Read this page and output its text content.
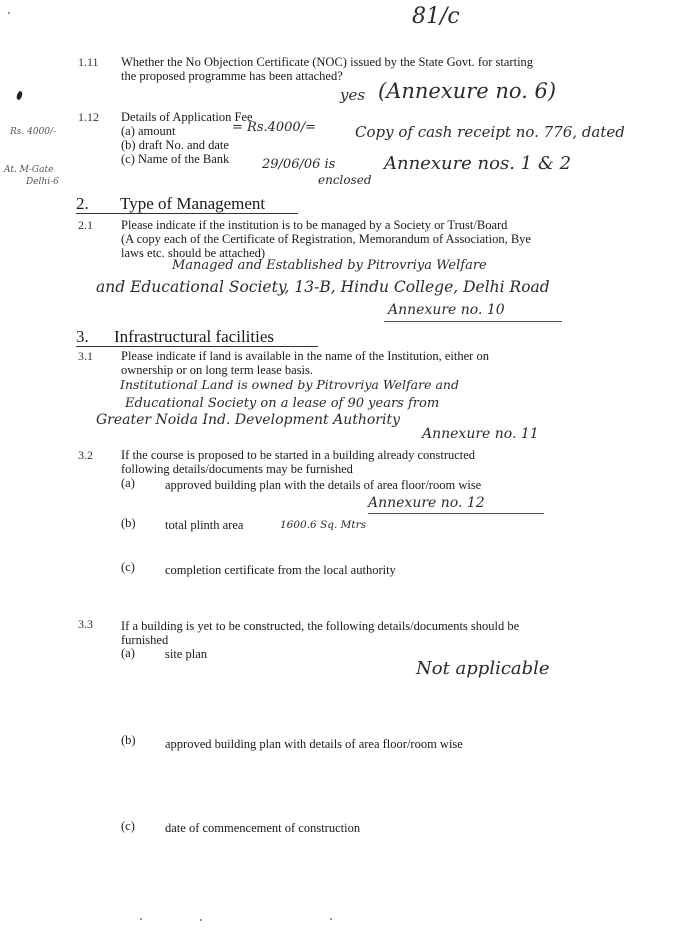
81/c
1.11 Whether the No Objection Certificate (NOC) issued by the State Govt. for starting
the proposed programme has been attached?
yes (Annexure no. 6)
Rs. 4000/-
At. M-Gate
Delhi-6
1.12 Details of Application Fee
(a) amount
(b) draft No. and date
(c) Name of the Bank
= Rs.4000/=	Copy of cash receipt no. 776, dated
29/06/06 is
enclosed
Annexure nos. 1 & 2
2. Type of Management
2.1 Please indicate if the institution is to be managed by a Society or Trust/Board
(A copy each of the Certificate of Registration, Memorandum of Association, Bye
laws etc. should be attached)
Managed and Established by Pitrovriya Welfare
and Educational Society, 13-B, Hindu College, Delhi Road
Annexure no. 10
3. Infrastructural facilities
3.1 Please indicate if land is available in the name of the Institution, either on
ownership or on long term lease basis.
Institutional Land is owned by Pitrovriya Welfare and
Educational Society on a lease of 90 years from
Greater Noida Ind. Development Authority
Annexure no. 11
3.2 If the course is proposed to be started in a building already constructed
following details/documents may be furnished
(a) approved building plan with the details of area floor/room wise
Annexure no. 12
(b) total plinth area	1600.6 Sq. Mtrs
(c) completion certificate from the local authority
3.3 If a building is yet to be constructed, the following details/documents should be
furnished
(a) site plan
Not applicable
(b) approved building plan with details of area floor/room wise
(c) date of commencement of construction
